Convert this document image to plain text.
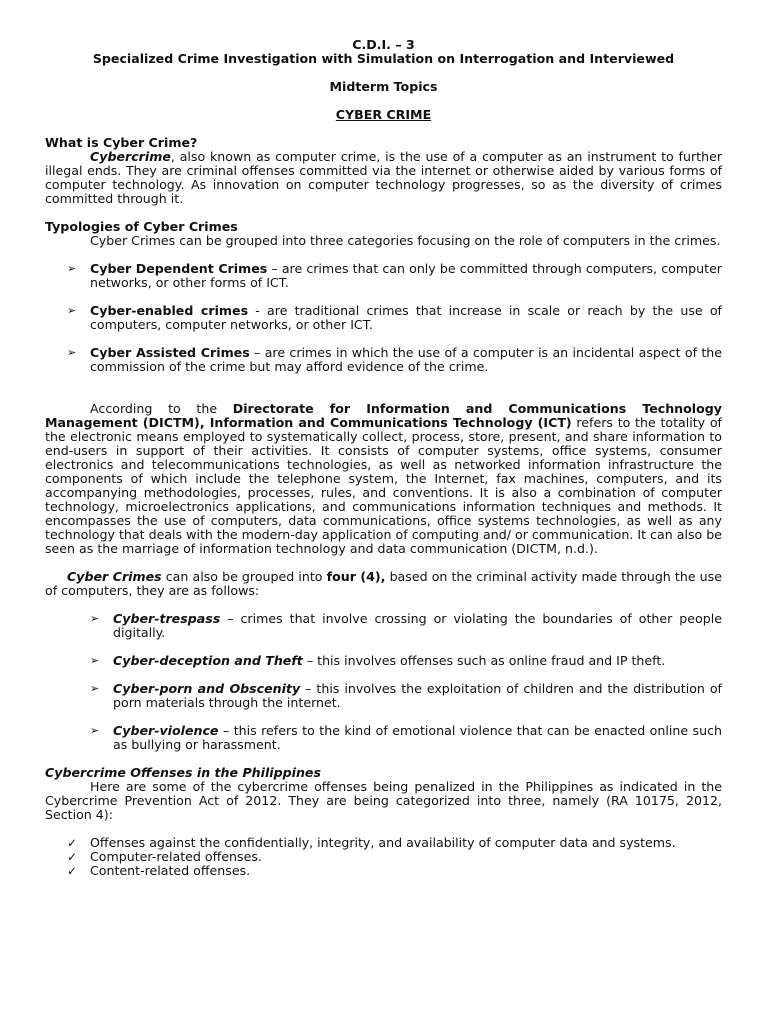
C.D.I. – 3

Specialized Crime Investigation with Simulation on Interrogation and Interviewed

Midterm Topics

CYBER CRIME

What is Cyber Crime?

Cybercrime, also known as computer crime, is the use of a computer as an instrument to further illegal ends. They are criminal offenses committed via the internet or otherwise aided by various forms of computer technology. As innovation on computer technology progresses, so as the diversity of crimes committed through it.

Typologies of Cyber Crimes

Cyber Crimes can be grouped into three categories focusing on the role of computers in the crimes.

➢ Cyber Dependent Crimes – are crimes that can only be committed through computers, computer networks, or other forms of ICT.
➢ Cyber-enabled crimes - are traditional crimes that increase in scale or reach by the use of computers, computer networks, or other ICT.
➢ Cyber Assisted Crimes – are crimes in which the use of a computer is an incidental aspect of the commission of the crime but may afford evidence of the crime.

According to the Directorate for Information and Communications Technology Management (DICTM), Information and Communications Technology (ICT) refers to the totality of the electronic means employed to systematically collect, process, store, present, and share information to end-users in support of their activities. It consists of computer systems, office systems, consumer electronics and telecommunications technologies, as well as networked information infrastructure the components of which include the telephone system, the Internet, fax machines, computers, and its accompanying methodologies, processes, rules, and conventions. It is also a combination of computer technology, microelectronics applications, and communications information techniques and methods. It encompasses the use of computers, data communications, office systems technologies, as well as any technology that deals with the modern-day application of computing and/ or communication. It can also be seen as the marriage of information technology and data communication (DICTM, n.d.).

Cyber Crimes can also be grouped into four (4), based on the criminal activity made through the use of computers, they are as follows:

➢ Cyber-trespass – crimes that involve crossing or violating the boundaries of other people digitally.
➢ Cyber-deception and Theft – this involves offenses such as online fraud and IP theft.
➢ Cyber-porn and Obscenity – this involves the exploitation of children and the distribution of porn materials through the internet.
➢ Cyber-violence – this refers to the kind of emotional violence that can be enacted online such as bullying or harassment.

Cybercrime Offenses in the Philippines

Here are some of the cybercrime offenses being penalized in the Philippines as indicated in the Cybercrime Prevention Act of 2012. They are being categorized into three, namely (RA 10175, 2012, Section 4):

✓ Offenses against the confidentially, integrity, and availability of computer data and systems.
✓ Computer-related offenses.
✓ Content-related offenses.
